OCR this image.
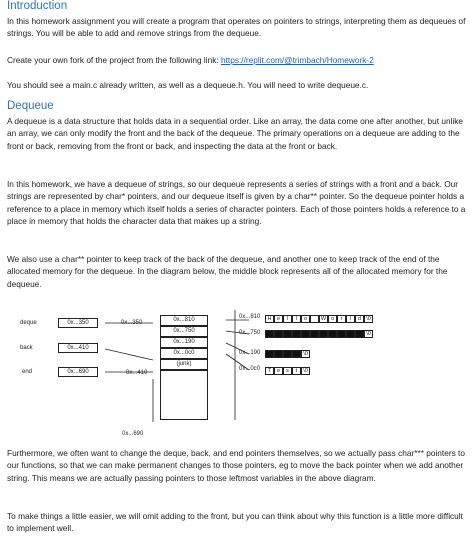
Introduction

In this homework assignment you will create a program that operates on pointers to strings, interpreting them as dequeues of strings. You will be able to add and remove strings from the dequeue.

Create your own fork of the project from the following link: https://replit.com/@trimbach/Homework-2

You should see a main.c already written, as well as a dequeue.h. You will need to write dequeue.c.

Dequeue

A dequeue is a data structure that holds data in a sequential order. Like an array, the data come one after another, but unlike an array, we can only modify the front and the back of the dequeue. The primary operations on a dequeue are adding to the front or back, removing from the front or back, and inspecting the data at the front or back.

In this homework, we have a dequeue of strings, so our dequeue represents a series of strings with a front and a back. Our strings are represented by char* pointers, and our dequeue itself is given by a char** pointer. So the dequeue pointer holds a reference to a place in memory which itself holds a series of character pointers. Each of those pointers holds a reference to a place in memory that holds the character data that makes up a string.

We also use a char** pointer to keep track of the back of the dequeue, and another one to keep track of the end of the allocated memory for the dequeue. In the diagram below, the middle block represents all of the allocated memory for the dequeue.

deque	0x...350
back	0x...410
end	0x...690
0x...350
0x...410
0x...690
0x...810
0x...750
0x...190
0x...0c0
(junk)
0x...810
0x...750
0x...190
0x...0c0
H e	l	l	o	W o	r	l	d \0
\0
\0
T	e	s	t	\0

Furthermore, we often want to change the deque, back, and end pointers themselves, so we actually pass char*** pointers to our functions, so that we can make permanent changes to those pointers, eg to move the back pointer when we add another string. This means we are actually passing pointers to those leftmost variables in the above diagram.

To make things a little easier, we will omit adding to the front, but you can think about why this function is a little more difficult to implement well.
